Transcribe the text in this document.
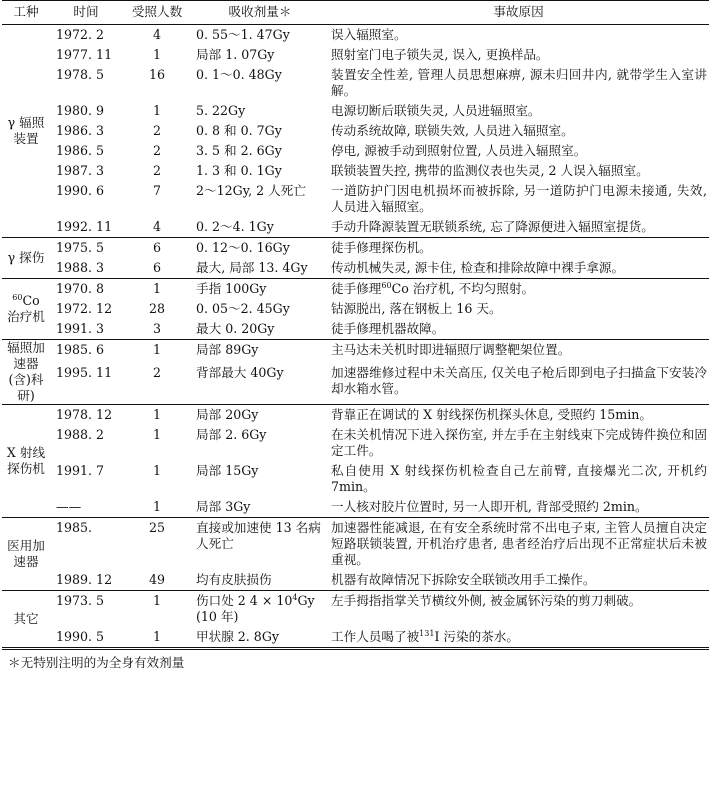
工种	时间	受照人数	吸收剂量＊	事故原因

γ 辐照装置	1972. 2	4	0. 55～1. 47Gy	误入辐照室。
	1977. 11	1	局部 1. 07Gy	照射室门电子锁失灵, 误入, 更换样品。
	1978. 5	16	0. 1～0. 48Gy	装置安全性差, 管理人员思想麻痹, 源未归回井内, 就带学生入室讲解。
	1980. 9	1	5. 22Gy	电源切断后联锁失灵, 人员进辐照室。
	1986. 3	2	0. 8 和 0. 7Gy	传动系统故障, 联锁失效, 人员进入辐照室。
	1986. 5	2	3. 5 和 2. 6Gy	停电, 源被手动到照射位置, 人员进入辐照室。
	1987. 3	2	1. 3 和 0. 1Gy	联锁装置失控, 携带的监测仪表也失灵, 2 人误入辐照室。
	1990. 6	7	2～12Gy, 2 人死亡	一道防护门因电机损坏而被拆除, 另一道防护门电源未接通, 失效, 人员进入辐照室。
	1992. 11	4	0. 2～4. 1Gy	手动升降源装置无联锁系统, 忘了降源便进入辐照室提货。

γ 探伤	1975. 5	6	0. 12～0. 16Gy	徒手修理探伤机。
	1988. 3	6	最大, 局部 13. 4Gy	传动机械失灵, 源卡住, 检查和排除故障中裸手拿源。

$^{60}$Co
治疗机	1970. 8	1	手指 100Gy	徒手修理$^{60}$Co 治疗机, 不均匀照射。
	1972. 12	28	0. 05～2. 45Gy	钴源脱出, 落在钢板上 16 天。
	1991. 3	3	最大 0. 20Gy	徒手修理机器故障。

辐照加速器(含)科研)	1985. 6	1	局部 89Gy	主马达未关机时即进辐照厅调整靶架位置。
	1995. 11	2	背部最大 40Gy	加速器维修过程中未关高压, 仅关电子枪后即到电子扫描盒下安装冷却水箱水管。

X 射线探伤机	1978. 12	1	局部 20Gy	背靠正在调试的 X 射线探伤机探头休息, 受照约 15min。
	1988. 2	1	局部 2. 6Gy	在未关机情况下进入探伤室, 并左手在主射线束下完成铸件换位和固定工件。
	1991. 7	1	局部 15Gy	私自使用 X 射线探伤机检查自己左前臂, 直接爆光二次, 开机约 7min。
	——	1	局部 3Gy	一人核对胶片位置时, 另一人即开机, 背部受照约 2min。

医用加速器	1985.	25	直接或加速使 13 名病人死亡	加速器性能减退, 在有安全系统时常不出电子束, 主管人员擅自决定短路联锁装置, 开机治疗患者, 患者经治疗后出现不正常症状后未被重视。
	1989. 12	49	均有皮肤损伤	机器有故障情况下拆除安全联锁改用手工操作。

其它	1973. 5	1	伤口处 2 $4 \times 10^4Gy$ (10 年)	左手拇指指掌关节横纹外侧, 被金属钚污染的剪刀刺破。
	1990. 5	1	甲状腺 2. 8Gy	工作人员喝了被$^{131}$I 污染的茶水。
＊无特别注明的为全身有效剂量
